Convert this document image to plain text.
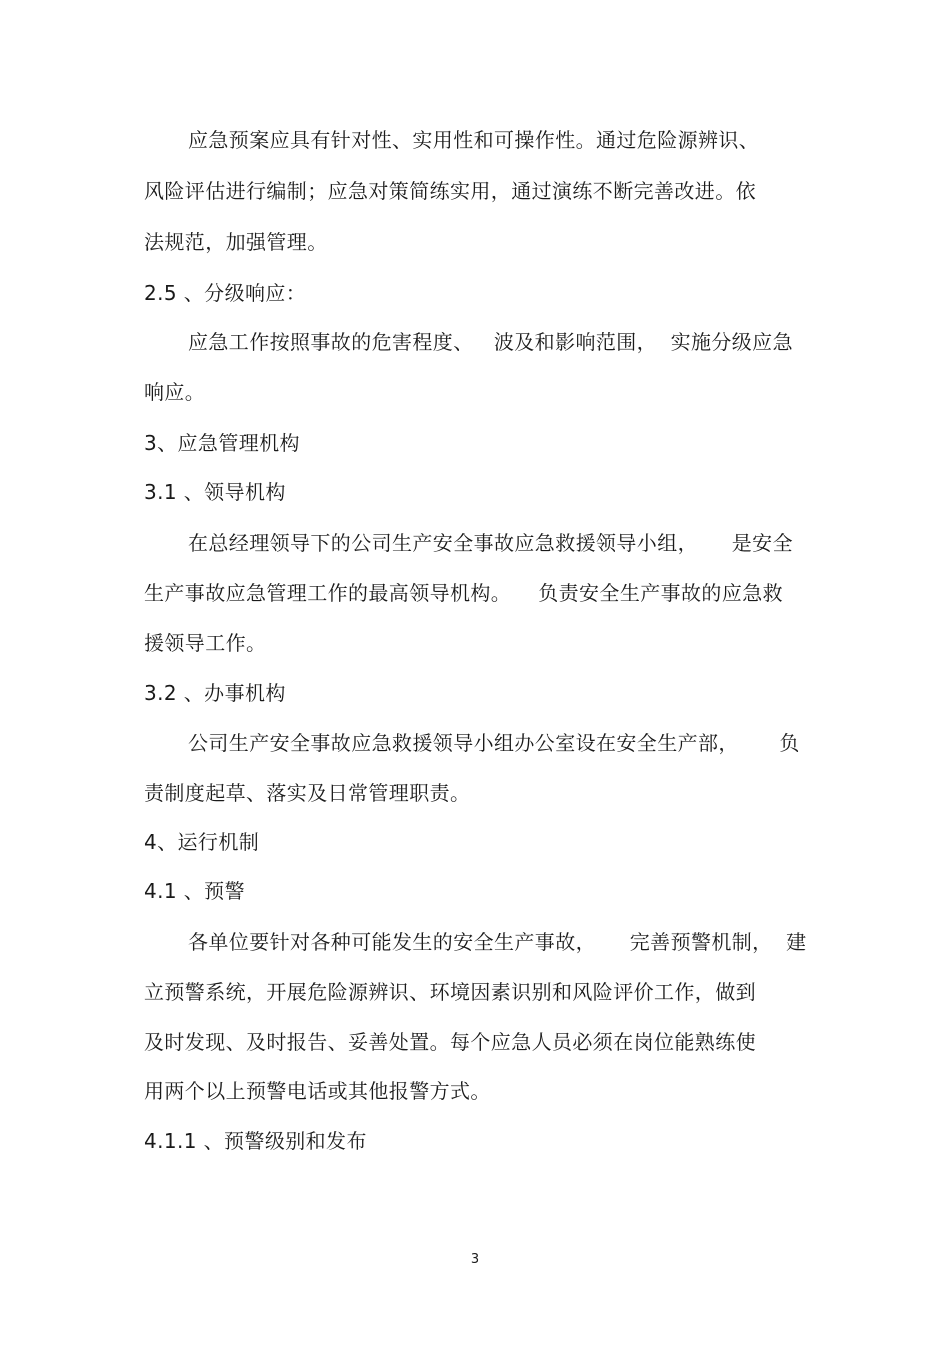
应急预案应具有针对性、实用性和可操作性。通过危险源辨识、
风险评估进行编制；应急对策简练实用，通过演练不断完善改进。依
法规范，加强管理。
2.5 、分级响应：
应急工作按照事故的危害程度、   波及和影响范围，  实施分级应急
响应。
3、应急管理机构
3.1 、领导机构
在总经理领导下的公司生产安全事故应急救援领导小组，     是安全
生产事故应急管理工作的最高领导机构。    负责安全生产事故的应急救
援领导工作。
3.2 、办事机构
公司生产安全事故应急救援领导小组办公室设在安全生产部，      负
责制度起草、落实及日常管理职责。
4、运行机制
4.1 、预警
各单位要针对各种可能发生的安全生产事故，     完善预警机制，  建
立预警系统，开展危险源辨识、环境因素识别和风险评价工作，做到
及时发现、及时报告、妥善处置。每个应急人员必须在岗位能熟练使
用两个以上预警电话或其他报警方式。
4.1.1 、预警级别和发布
3
